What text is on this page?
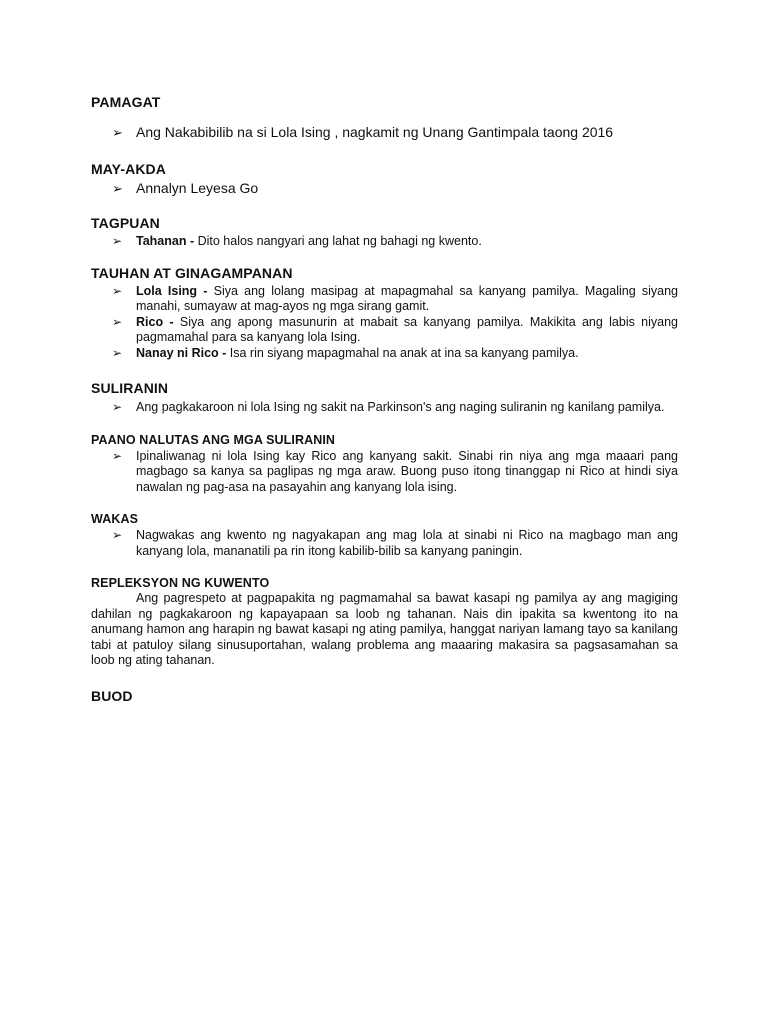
PAMAGAT
➢ Ang Nakabibilib na si Lola Ising , nagkamit ng Unang Gantimpala taong 2016
MAY-AKDA
➢ Annalyn Leyesa Go
TAGPUAN
➢ Tahanan - Dito halos nangyari ang lahat ng bahagi ng kwento.
TAUHAN AT GINAGAMPANAN
➢ Lola Ising - Siya ang lolang masipag at mapagmahal sa kanyang pamilya. Magaling siyang manahi, sumayaw at mag-ayos ng mga sirang gamit.
➢ Rico - Siya ang apong masunurin at mabait sa kanyang pamilya. Makikita ang labis niyang pagmamahal para sa kanyang lola Ising.
➢ Nanay ni Rico - Isa rin siyang mapagmahal na anak at ina sa kanyang pamilya.
SULIRANIN
➢ Ang pagkakaroon ni lola Ising ng sakit na Parkinson's ang naging suliranin ng kanilang pamilya.
PAANO NALUTAS ANG MGA SULIRANIN
➢ Ipinaliwanag ni lola Ising kay Rico ang kanyang sakit. Sinabi rin niya ang mga maaari pang magbago sa kanya sa paglipas ng mga araw. Buong puso itong tinanggap ni Rico at hindi siya nawalan ng pag-asa na pasayahin ang kanyang lola ising.
WAKAS
➢ Nagwakas ang kwento ng nagyakapan ang mag lola at sinabi ni Rico na magbago man ang kanyang lola, mananatili pa rin itong kabilib-bilib sa kanyang paningin.
REPLEKSYON NG KUWENTO

Ang pagrespeto at pagpapakita ng pagmamahal sa bawat kasapi ng pamilya ay ang magiging dahilan ng pagkakaroon ng kapayapaan sa loob ng tahanan. Nais din ipakita sa kwentong ito na anumang hamon ang harapin ng bawat kasapi ng ating pamilya, hanggat nariyan lamang tayo sa kanilang tabi at patuloy silang sinusuportahan, walang problema ang maaaring makasira sa pagsasamahan sa loob ng ating tahanan.

BUOD
